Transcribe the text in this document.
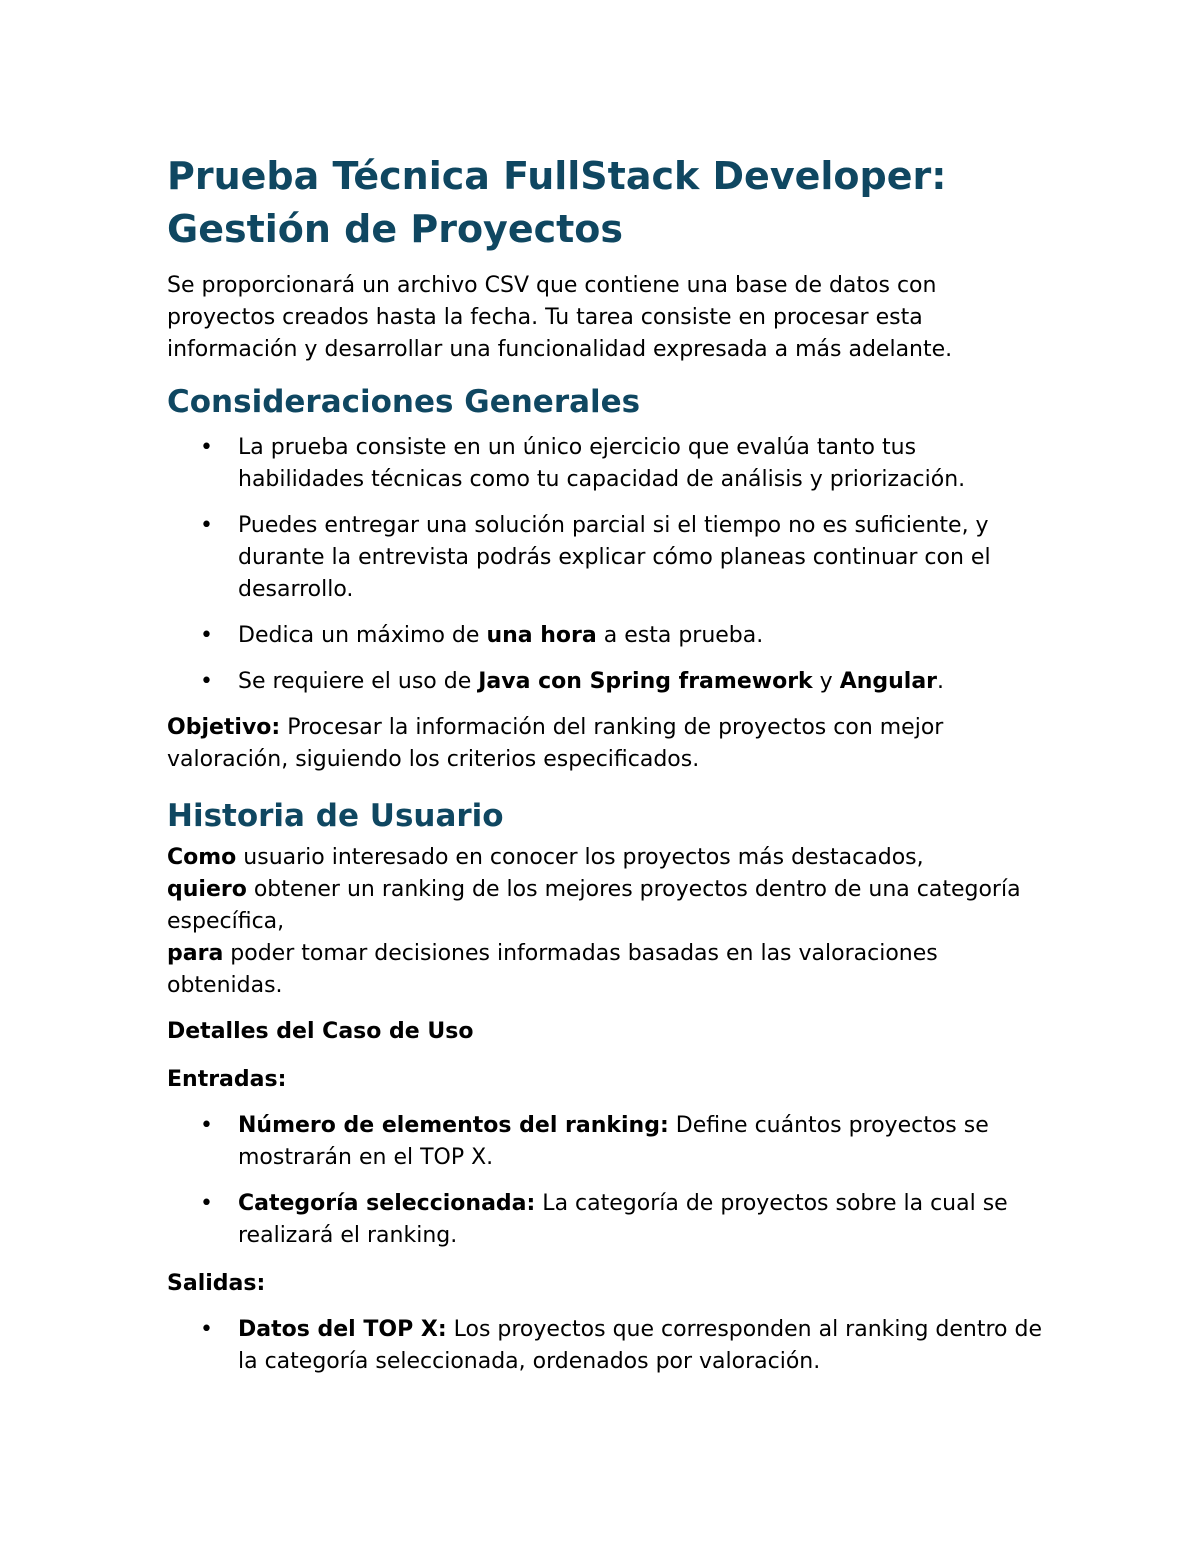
Prueba Técnica FullStack Developer:
Gestión de Proyectos

Se proporcionará un archivo CSV que contiene una base de datos con proyectos creados hasta la fecha. Tu tarea consiste en procesar esta información y desarrollar una funcionalidad expresada a más adelante.

Consideraciones Generales
• La prueba consiste en un único ejercicio que evalúa tanto tus habilidades técnicas como tu capacidad de análisis y priorización.
• Puedes entregar una solución parcial si el tiempo no es suficiente, y durante la entrevista podrás explicar cómo planeas continuar con el desarrollo.
• Dedica un máximo de una hora a esta prueba.
• Se requiere el uso de Java con Spring framework y Angular.

Objetivo: Procesar la información del ranking de proyectos con mejor valoración, siguiendo los criterios especificados.

Historia de Usuario

Como usuario interesado en conocer los proyectos más destacados,
quiero obtener un ranking de los mejores proyectos dentro de una categoría específica,
para poder tomar decisiones informadas basadas en las valoraciones obtenidas.

Detalles del Caso de Uso

Entradas:

• Número de elementos del ranking: Define cuántos proyectos se mostrarán en el TOP X.
• Categoría seleccionada: La categoría de proyectos sobre la cual se realizará el ranking.

Salidas:

• Datos del TOP X: Los proyectos que corresponden al ranking dentro de la categoría seleccionada, ordenados por valoración.
